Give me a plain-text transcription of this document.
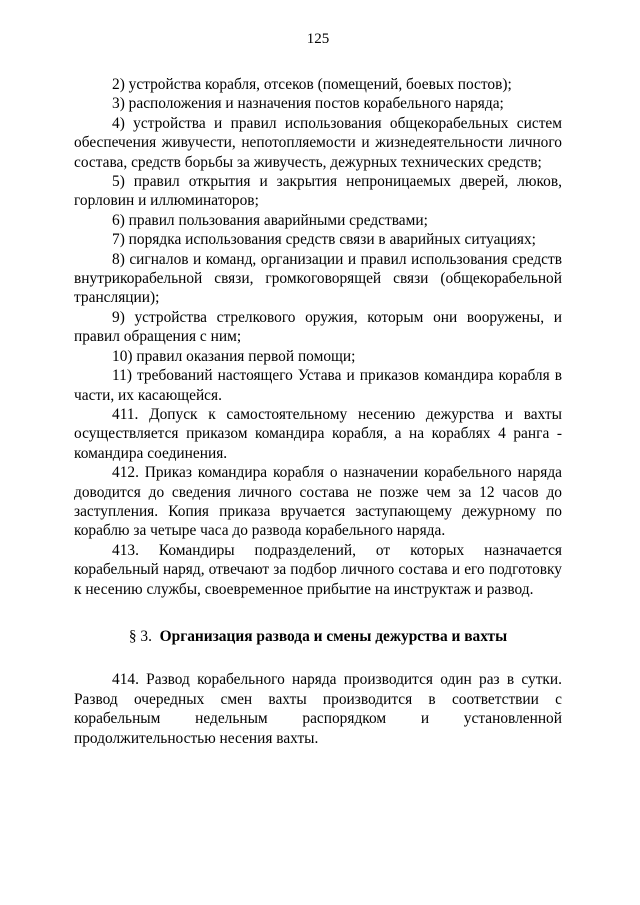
125

2) устройства корабля, отсеков (помещений, боевых постов);

3) расположения и назначения постов корабельного наряда;

4) устройства и правил использования общекорабельных систем обеспечения живучести, непотопляемости и жизнедеятельности личного состава, средств борьбы за живучесть, дежурных технических средств;

5) правил открытия и закрытия непроницаемых дверей, люков, горловин и иллюминаторов;

6) правил пользования аварийными средствами;

7) порядка использования средств связи в аварийных ситуациях;

8) сигналов и команд, организации и правил использования средств внутрикорабельной связи, громкоговорящей связи (общекорабельной трансляции);

9) устройства стрелкового оружия, которым они вооружены, и правил обращения с ним;

10) правил оказания первой помощи;

11) требований настоящего Устава и приказов командира корабля в части, их касающейся.

411. Допуск к самостоятельному несению дежурства и вахты осуществляется приказом командира корабля, а на кораблях 4 ранга - командира соединения.

412. Приказ командира корабля о назначении корабельного наряда доводится до сведения личного состава не позже чем за 12 часов до заступления. Копия приказа вручается заступающему дежурному по кораблю за четыре часа до развода корабельного наряда.

413. Командиры подразделений, от которых назначается корабельный наряд, отвечают за подбор личного состава и его подготовку к несению службы, своевременное прибытие на инструктаж и развод.

§ 3. Организация развода и смены дежурства и вахты

414. Развод корабельного наряда производится один раз в сутки. Развод очередных смен вахты производится в соответствии с корабельным недельным распорядком и установленной продолжительностью несения вахты.
